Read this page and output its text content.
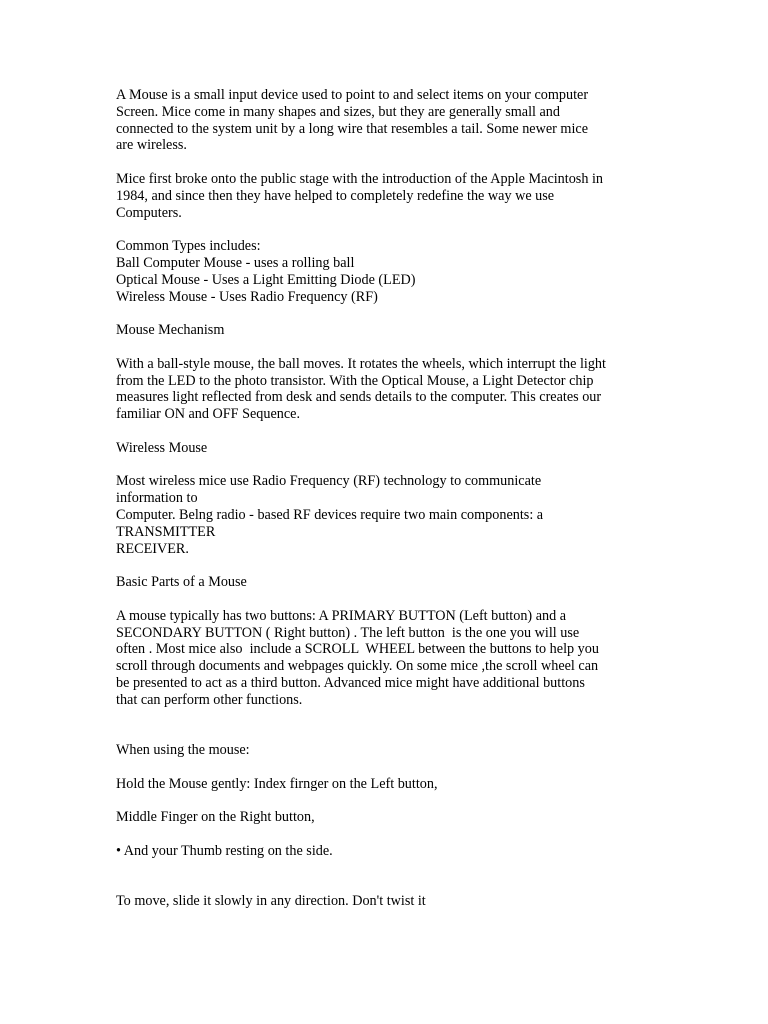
A Mouse is a small input device used to point to and select items on your computer

Screen. Mice come in many shapes and sizes, but they are generally small and

connected to the system unit by a long wire that resembles a tail. Some newer mice

are wireless.

Mice first broke onto the public stage with the introduction of the Apple Macintosh in

1984, and since then they have helped to completely redefine the way we use

Computers.

Common Types includes:

Ball Computer Mouse - uses a rolling ball

Optical Mouse - Uses a Light Emitting Diode (LED)

Wireless Mouse - Uses Radio Frequency (RF)

Mouse Mechanism

With a ball-style mouse, the ball moves. It rotates the wheels, which interrupt the light

from the LED to the photo transistor. With the Optical Mouse, a Light Detector chip

measures light reflected from desk and sends details to the computer. This creates our

familiar ON and OFF Sequence.

Wireless Mouse

Most wireless mice use Radio Frequency (RF) technology to communicate

information to

Computer. Belng radio - based RF devices require two main components: a

TRANSMITTER

RECEIVER.

Basic Parts of a Mouse

A mouse typically has two buttons: A PRIMARY BUTTON (Left button) and a

SECONDARY BUTTON ( Right button) . The left button  is the one you will use

often . Most mice also  include a SCROLL  WHEEL between the buttons to help you

scroll through documents and webpages quickly. On some mice ,the scroll wheel can

be presented to act as a third button. Advanced mice might have additional buttons

that can perform other functions.

When using the mouse:

Hold the Mouse gently: Index firnger on the Left button,

Middle Finger on the Right button,

• And your Thumb resting on the side.

To move, slide it slowly in any direction. Don't twist it
